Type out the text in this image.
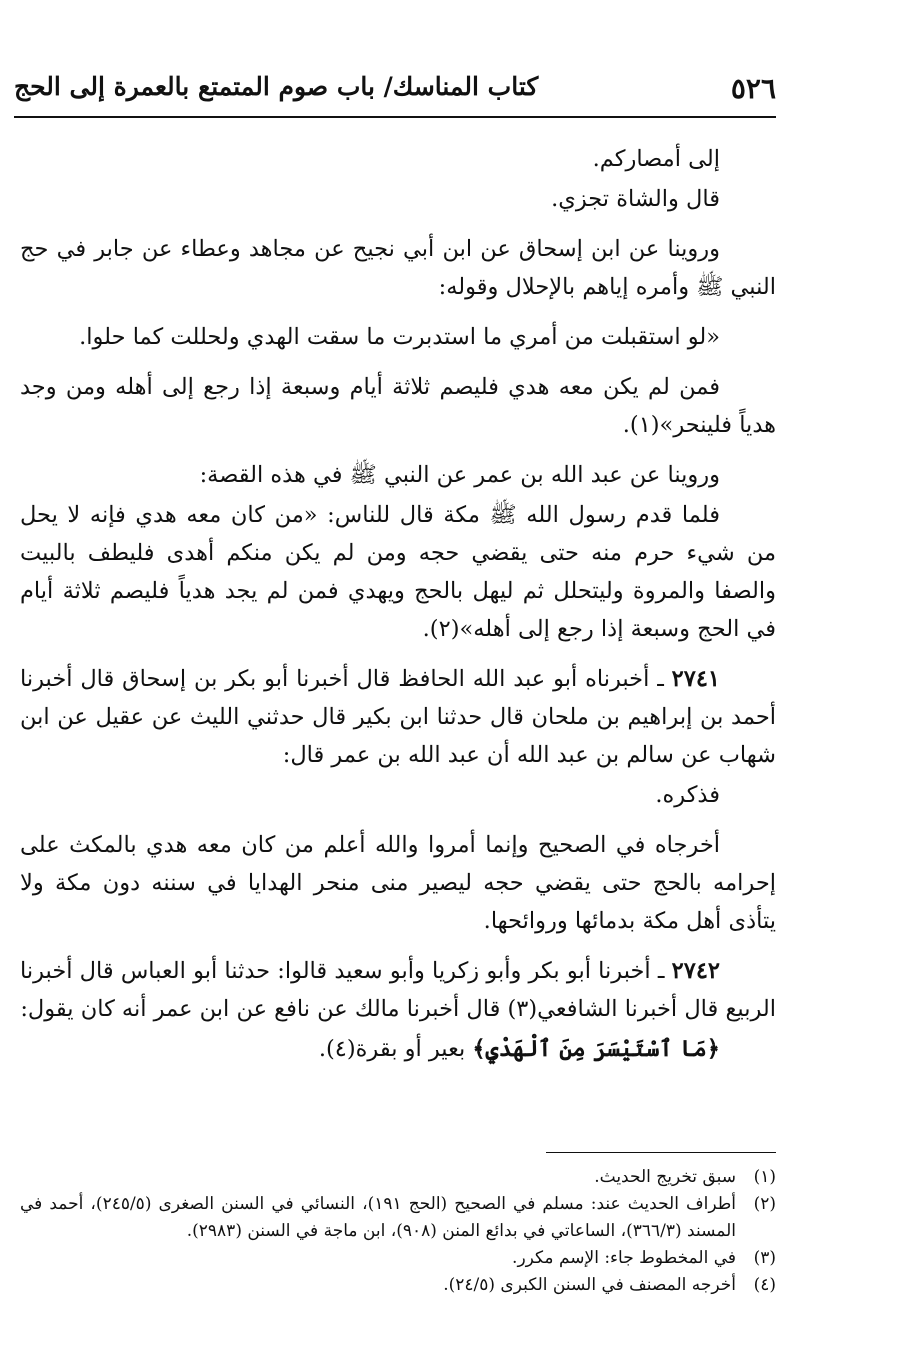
٥٢٦
كتاب المناسك/ باب صوم المتمتع بالعمرة إلى الحج

إلى أمصاركم.

قال والشاة تجزي.

وروينا عن ابن إسحاق عن ابن أبي نجيح عن مجاهد وعطاء عن جابر في حج النبي ﷺ وأمره إياهم بالإحلال وقوله:

«لو استقبلت من أمري ما استدبرت ما سقت الهدي ولحللت كما حلوا.

فمن لم يكن معه هدي فليصم ثلاثة أيام وسبعة إذا رجع إلى أهله ومن وجد هدياً فلينحر»(١).

وروينا عن عبد الله بن عمر عن النبي ﷺ في هذه القصة:

فلما قدم رسول الله ﷺ مكة قال للناس: «من كان معه هدي فإنه لا يحل من شيء حرم منه حتى يقضي حجه ومن لم يكن منكم أهدى فليطف بالبيت والصفا والمروة وليتحلل ثم ليهل بالحج ويهدي فمن لم يجد هدياً فليصم ثلاثة أيام في الحج وسبعة إذا رجع إلى أهله»(٢).

٢٧٤١ ـ أخبرناه أبو عبد الله الحافظ قال أخبرنا أبو بكر بن إسحاق قال أخبرنا أحمد بن إبراهيم بن ملحان قال حدثنا ابن بكير قال حدثني الليث عن عقيل عن ابن شهاب عن سالم بن عبد الله أن عبد الله بن عمر قال:

فذكره.

أخرجاه في الصحيح وإنما أمروا والله أعلم من كان معه هدي بالمكث على إحرامه بالحج حتى يقضي حجه ليصير منى منحر الهدايا في سننه دون مكة ولا يتأذى أهل مكة بدمائها وروائحها.

٢٧٤٢ ـ أخبرنا أبو بكر وأبو زكريا وأبو سعيد قالوا: حدثنا أبو العباس قال أخبرنا الربيع قال أخبرنا الشافعي(٣) قال أخبرنا مالك عن نافع عن ابن عمر أنه كان يقول:

﴿مَا ٱسْتَيْسَرَ مِنَ ٱلْهَدْيِ﴾ بعير أو بقرة(٤).

(١)
سبق تخريج الحديث.
(٢)
أطراف الحديث عند: مسلم في الصحيح (الحج ١٩١)، النسائي في السنن الصغرى (٢٤٥/٥)، أحمد في المسند (٣٦٦/٣)، الساعاتي في بدائع المنن (٩٠٨)، ابن ماجة في السنن (٢٩٨٣).
(٣)
في المخطوط جاء: الإسم مكرر.
(٤)
أخرجه المصنف في السنن الكبرى (٢٤/٥).
